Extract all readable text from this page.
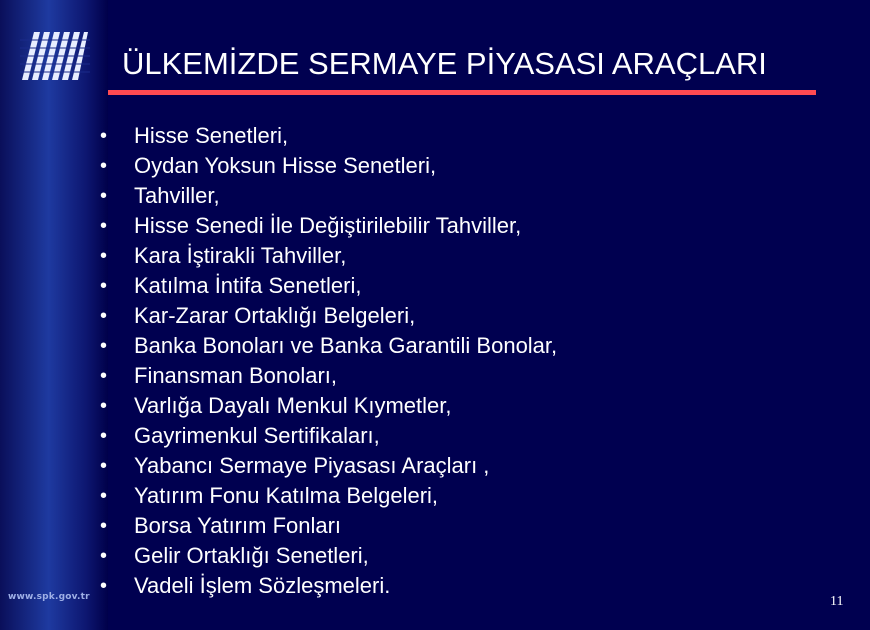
ÜLKEMİZDE SERMAYE PİYASASI ARAÇLARI
•	Hisse Senetleri,
•	Oydan Yoksun Hisse Senetleri,
•	Tahviller,
•	Hisse Senedi İle Değiştirilebilir Tahviller,
•	Kara İştirakli Tahviller,
•	Katılma İntifa Senetleri,
•	Kar-Zarar Ortaklığı Belgeleri,
•	Banka Bonoları ve Banka Garantili Bonolar,
•	Finansman Bonoları,
•	Varlığa Dayalı Menkul Kıymetler,
•	Gayrimenkul Sertifikaları,
•	Yabancı Sermaye Piyasası Araçları ,
•	Yatırım Fonu Katılma Belgeleri,
•	Borsa Yatırım Fonları
•	Gelir Ortaklığı Senetleri,
•	Vadeli İşlem Sözleşmeleri.
www.spk.gov.tr	11
